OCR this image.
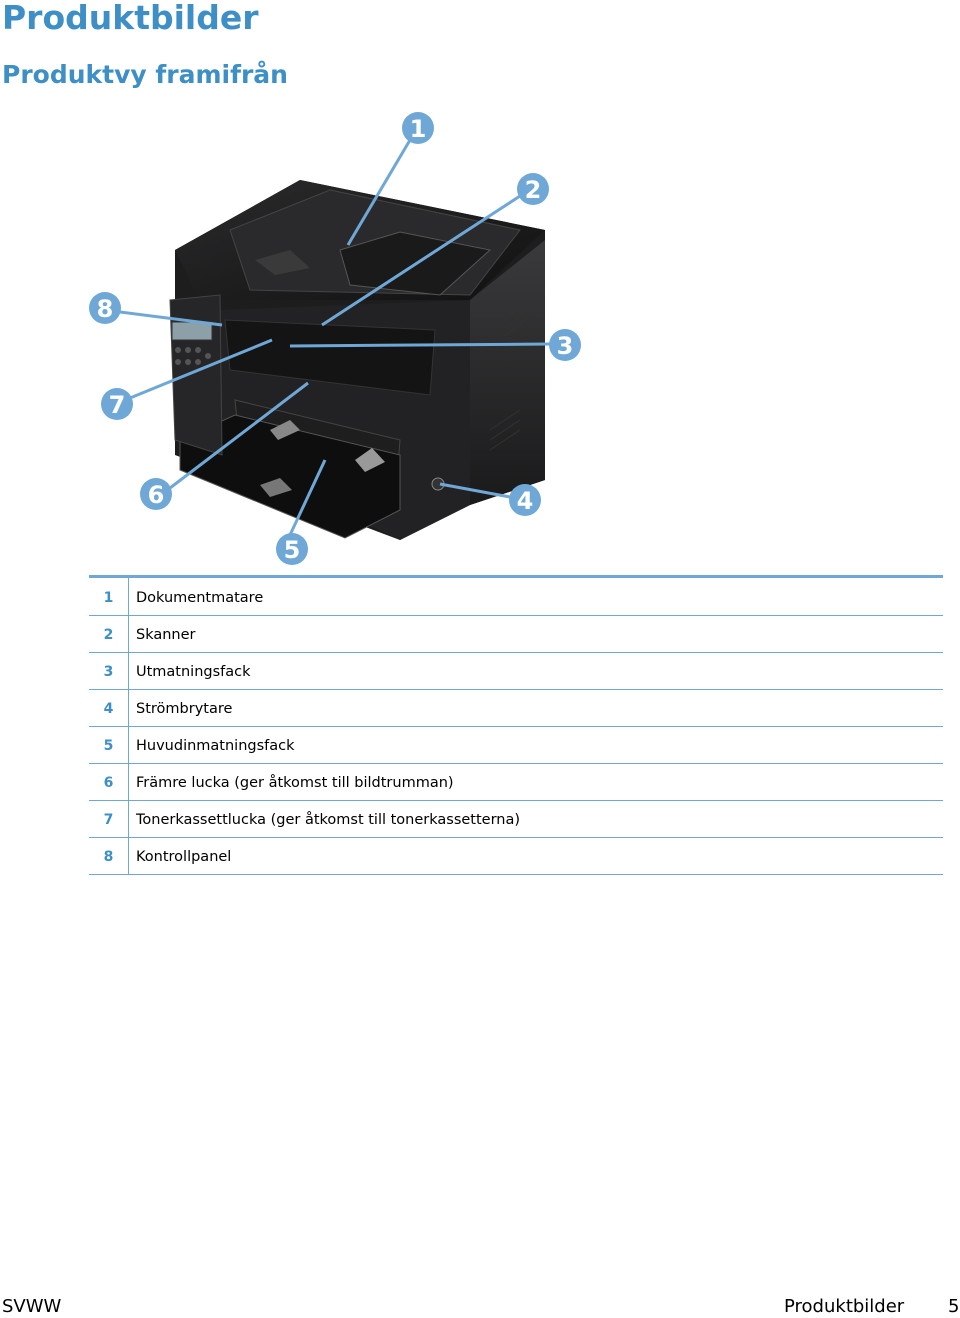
Produktbilder
Produktvy framifrån
1
2
3
4
5
6
7
8
1	Dokumentmatare
2	Skanner
3	Utmatningsfack
4	Strömbrytare
5	Huvudinmatningsfack
6	Främre lucka (ger åtkomst till bildtrumman)
7	Tonerkassettlucka (ger åtkomst till tonerkassetterna)
8	Kontrollpanel
SVWW	Produktbilder 5
